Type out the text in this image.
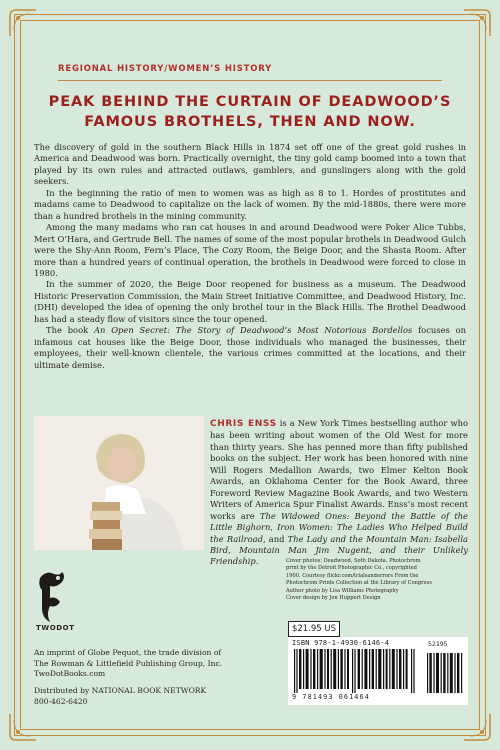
REGIONAL HISTORY/WOMEN’S HISTORY
PEAK BEHIND THE CURTAIN OF DEADWOOD’S
FAMOUS BROTHELS, THEN AND NOW.

The discovery of gold in the southern Black Hills in 1874 set off one of the great gold rushes in America and Deadwood was born. Practically overnight, the tiny gold camp boomed into a town that played by its own rules and attracted outlaws, gamblers, and gunslingers along with the gold seekers.

In the beginning the ratio of men to women was as high as 8 to 1. Hordes of prostitutes and madams came to Deadwood to capitalize on the lack of women. By the mid-1880s, there were more than a hundred brothels in the mining community.

Among the many madams who ran cat houses in and around Deadwood were Poker Alice Tubbs, Mert O’Hara, and Gertrude Bell. The names of some of the most popular brothels in Deadwood Gulch were the Shy-Ann Room, Fern’s Place, The Cozy Room, the Beige Door, and the Shasta Room. After more than a hundred years of continual operation, the brothels in Deadwood were forced to close in 1980.

In the summer of 2020, the Beige Door reopened for business as a museum. The Deadwood Historic Preservation Commission, the Main Street Initiative Committee, and Deadwood History, Inc. (DHI) developed the idea of opening the only brothel tour in the Black Hills. The Brothel Deadwood has had a steady flow of visitors since the tour opened.

The book An Open Secret: The Story of Deadwood’s Most Notorious Bordellos focuses on infamous cat houses like the Beige Door, those individuals who managed the businesses, their employees, their well-known clientele, the various crimes committed at the locations, and their ultimate demise.

CHRIS ENSS is a New York Times bestselling author who has been writing about women of the Old West for more than thirty years. She has penned more than fifty published books on the subject. Her work has been honored with nine Will Rogers Medallion Awards, two Elmer Kelton Book Awards, an Oklahoma Center for the Book Award, three Foreword Review Magazine Book Awards, and two Western Writers of America Spur Finalist Awards. Enss’s most recent works are The Widowed Ones: Beyond the Battle of the Little Bighorn, Iron Women: The Ladies Who Helped Build the Railroad, and The Lady and the Mountain Man: Isabella Bird, Mountain Man Jim Nugent, and their Unlikely Friendship.
TWODOT
An imprint of Globe Pequot, the trade division of
The Rowman & Littlefield Publishing Group, Inc.
TwoDotBooks.com
Distributed by NATIONAL BOOK NETWORK
800-462-6420
Cover photos: Deadwood, Soth Dakota. Photochrom
print by the Detroit Photographic Co., copyrighted
1900. Courtesy flickr.com/trialsanderrors From the
Photochrom Prints Collection at the Library of Congress
Author photo by Lisa Williams Photography
Cover design by Jen Huppert Design
$21.95 US
ISBN 978-1-4930-6146-4	52195
9 781493 061464
